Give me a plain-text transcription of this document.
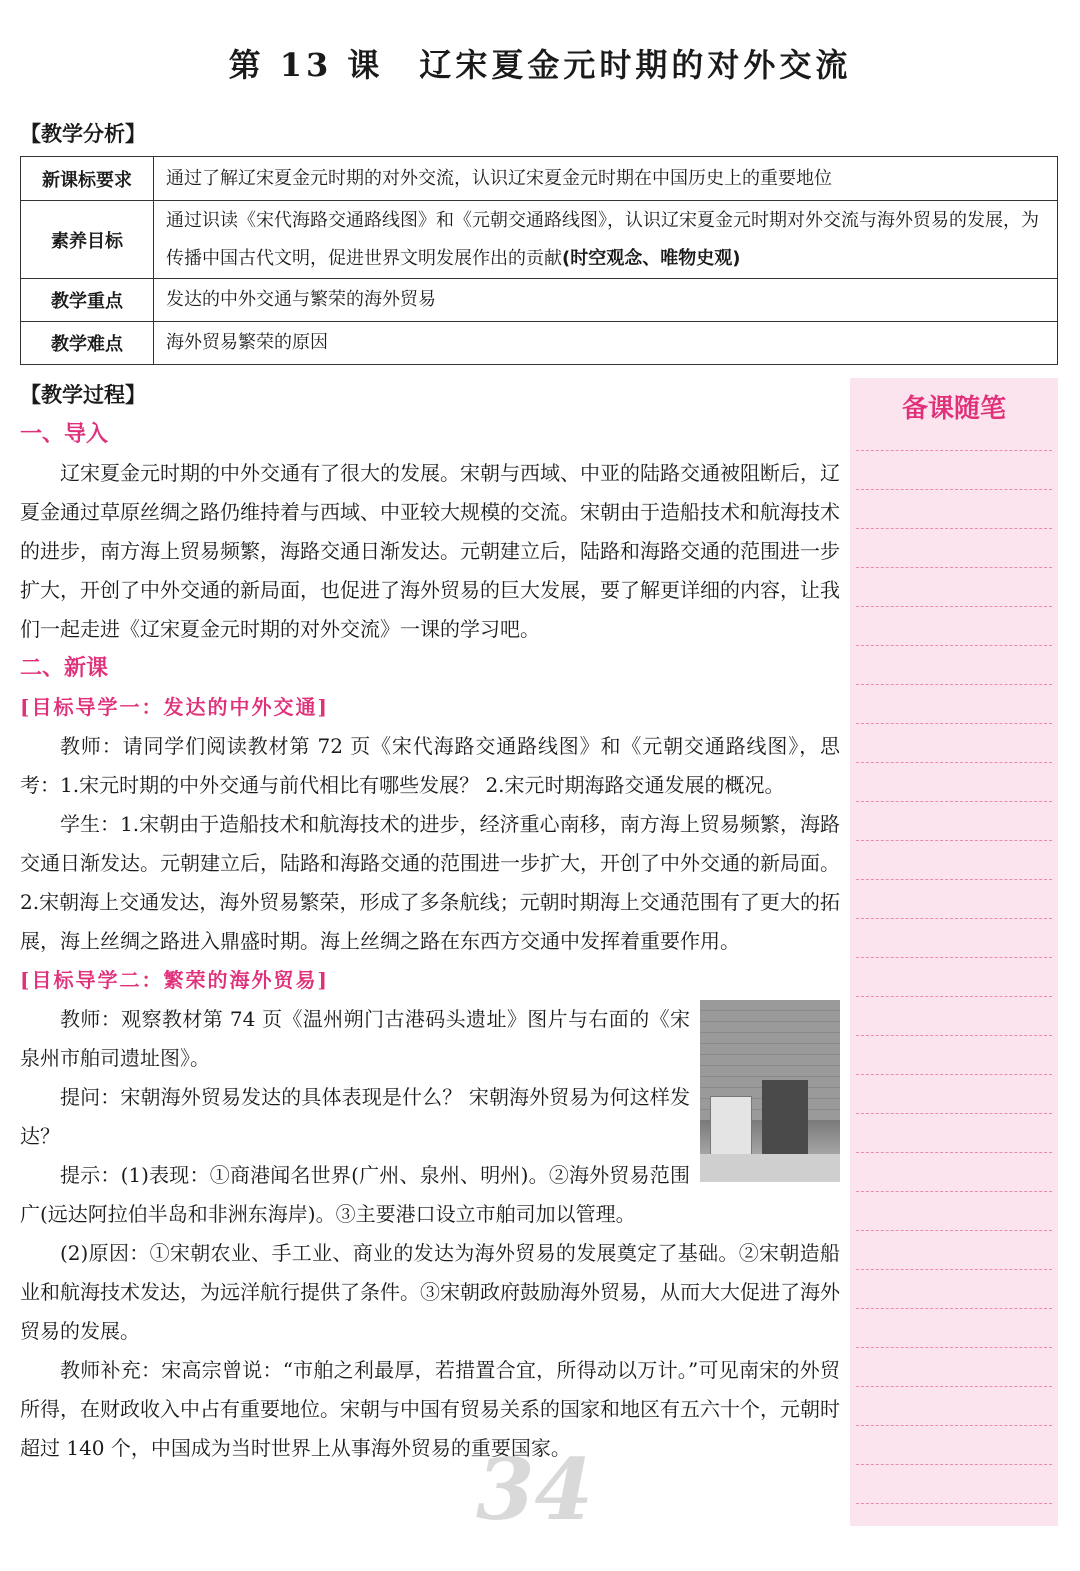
第 13 课　辽宋夏金元时期的对外交流
【教学分析】
新课标要求	通过了解辽宋夏金元时期的对外交流，认识辽宋夏金元时期在中国历史上的重要地位
素养目标	通过识读《宋代海路交通路线图》和《元朝交通路线图》，认识辽宋夏金元时期对外交流与海外贸易的发展，为传播中国古代文明，促进世界文明发展作出的贡献(时空观念、唯物史观)
教学重点	发达的中外交通与繁荣的海外贸易
教学难点	海外贸易繁荣的原因
备课随笔
【教学过程】
一、导入

辽宋夏金元时期的中外交通有了很大的发展。宋朝与西域、中亚的陆路交通被阻断后，辽夏金通过草原丝绸之路仍维持着与西域、中亚较大规模的交流。宋朝由于造船技术和航海技术的进步，南方海上贸易频繁，海路交通日渐发达。元朝建立后，陆路和海路交通的范围进一步扩大，开创了中外交通的新局面，也促进了海外贸易的巨大发展，要了解更详细的内容，让我们一起走进《辽宋夏金元时期的对外交流》一课的学习吧。

二、新课
[目标导学一：发达的中外交通]

教师：请同学们阅读教材第 72 页《宋代海路交通路线图》和《元朝交通路线图》，思考：1.宋元时期的中外交通与前代相比有哪些发展？ 2.宋元时期海路交通发展的概况。

学生：1.宋朝由于造船技术和航海技术的进步，经济重心南移，南方海上贸易频繁，海路交通日渐发达。元朝建立后，陆路和海路交通的范围进一步扩大，开创了中外交通的新局面。2.宋朝海上交通发达，海外贸易繁荣，形成了多条航线；元朝时期海上交通范围有了更大的拓展，海上丝绸之路进入鼎盛时期。海上丝绸之路在东西方交通中发挥着重要作用。

[目标导学二：繁荣的海外贸易]

教师：观察教材第 74 页《温州朔门古港码头遗址》图片与右面的《宋泉州市舶司遗址图》。

提问：宋朝海外贸易发达的具体表现是什么？ 宋朝海外贸易为何这样发达？

提示：(1)表现：①商港闻名世界(广州、泉州、明州)。②海外贸易范围广(远达阿拉伯半岛和非洲东海岸)。③主要港口设立市舶司加以管理。

(2)原因：①宋朝农业、手工业、商业的发达为海外贸易的发展奠定了基础。②宋朝造船业和航海技术发达，为远洋航行提供了条件。③宋朝政府鼓励海外贸易，从而大大促进了海外贸易的发展。

教师补充：宋高宗曾说：“市舶之利最厚，若措置合宜，所得动以万计。”可见南宋的外贸所得，在财政收入中占有重要地位。宋朝与中国有贸易关系的国家和地区有五六十个，元朝时超过 140 个，中国成为当时世界上从事海外贸易的重要国家。

34
